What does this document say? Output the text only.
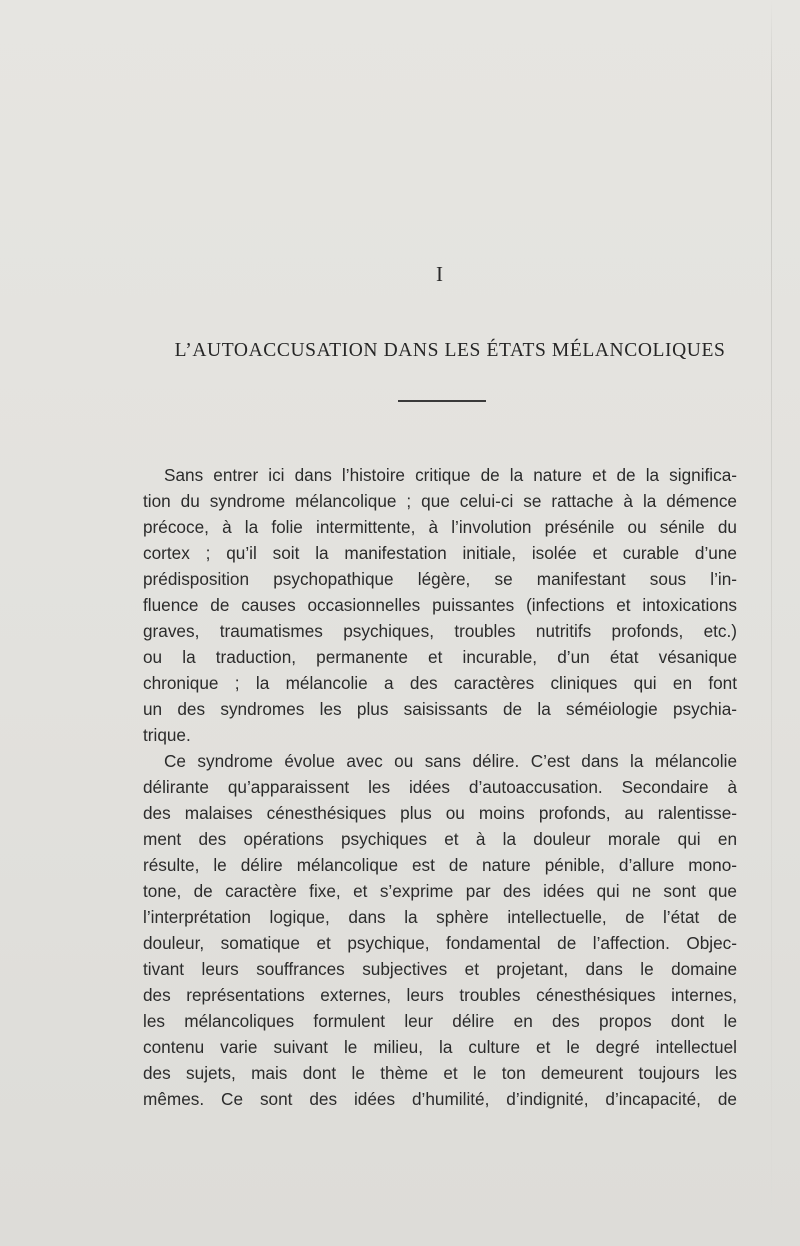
I
L’AUTOACCUSATION DANS LES ÉTATS MÉLANCOLIQUES
Sans entrer ici dans l’histoire critique de la nature et de la significa-
tion du syndrome mélancolique ; que celui-ci se rattache à la démence
précoce, à la folie intermittente, à l’involution présénile ou sénile du
cortex ; qu’il soit la manifestation initiale, isolée et curable d’une
prédisposition psychopathique légère, se manifestant sous l’in-
fluence de causes occasionnelles puissantes (infections et intoxications
graves, traumatismes psychiques, troubles nutritifs profonds, etc.)
ou la traduction, permanente et incurable, d’un état vésanique
chronique ; la mélancolie a des caractères cliniques qui en font
un des syndromes les plus saisissants de la séméiologie psychia-
trique.
Ce syndrome évolue avec ou sans délire. C’est dans la mélancolie
délirante qu’apparaissent les idées d’autoaccusation. Secondaire à
des malaises cénesthésiques plus ou moins profonds, au ralentisse-
ment des opérations psychiques et à la douleur morale qui en
résulte, le délire mélancolique est de nature pénible, d’allure mono-
tone, de caractère fixe, et s’exprime par des idées qui ne sont que
l’interprétation logique, dans la sphère intellectuelle, de l’état de
douleur, somatique et psychique, fondamental de l’affection. Objec-
tivant leurs souffrances subjectives et projetant, dans le domaine
des représentations externes, leurs troubles cénesthésiques internes,
les mélancoliques formulent leur délire en des propos dont le
contenu varie suivant le milieu, la culture et le degré intellectuel
des sujets, mais dont le thème et le ton demeurent toujours les
mêmes. Ce sont des idées d’humilité, d’indignité, d’incapacité, de
